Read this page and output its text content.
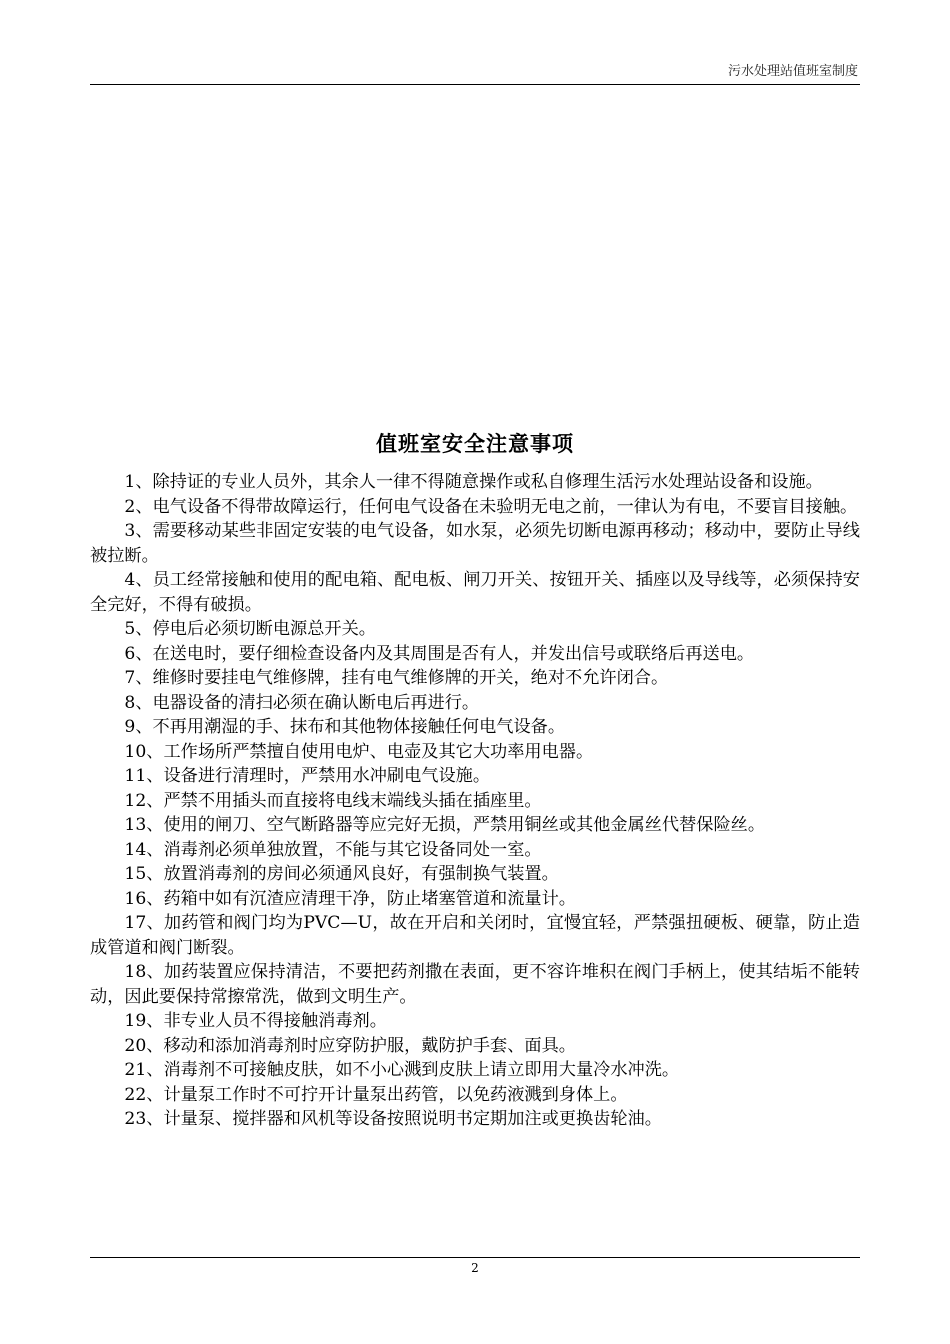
污水处理站值班室制度
值班室安全注意事项

1、除持证的专业人员外，其余人一律不得随意操作或私自修理生活污水处理站设备和设施。

2、电气设备不得带故障运行，任何电气设备在未验明无电之前，一律认为有电，不要盲目接触。

3、需要移动某些非固定安装的电气设备，如水泵，必须先切断电源再移动；移动中，要防止导线被拉断。

4、员工经常接触和使用的配电箱、配电板、闸刀开关、按钮开关、插座以及导线等，必须保持安全完好，不得有破损。

5、停电后必须切断电源总开关。

6、在送电时，要仔细检查设备内及其周围是否有人，并发出信号或联络后再送电。

7、维修时要挂电气维修牌，挂有电气维修牌的开关，绝对不允许闭合。

8、电器设备的清扫必须在确认断电后再进行。

9、不再用潮湿的手、抹布和其他物体接触任何电气设备。

10、工作场所严禁擅自使用电炉、电壶及其它大功率用电器。

11、设备进行清理时，严禁用水冲刷电气设施。

12、严禁不用插头而直接将电线末端线头插在插座里。

13、使用的闸刀、空气断路器等应完好无损，严禁用铜丝或其他金属丝代替保险丝。

14、消毒剂必须单独放置，不能与其它设备同处一室。

15、放置消毒剂的房间必须通风良好，有强制换气装置。

16、药箱中如有沉渣应清理干净，防止堵塞管道和流量计。

17、加药管和阀门均为PVC—U，故在开启和关闭时，宜慢宜轻，严禁强扭硬板、硬靠，防止造成管道和阀门断裂。

18、加药装置应保持清洁，不要把药剂撒在表面，更不容许堆积在阀门手柄上，使其结垢不能转动，因此要保持常擦常洗，做到文明生产。

19、非专业人员不得接触消毒剂。

20、移动和添加消毒剂时应穿防护服，戴防护手套、面具。

21、消毒剂不可接触皮肤，如不小心溅到皮肤上请立即用大量冷水冲洗。

22、计量泵工作时不可拧开计量泵出药管，以免药液溅到身体上。

23、计量泵、搅拌器和风机等设备按照说明书定期加注或更换齿轮油。

2
